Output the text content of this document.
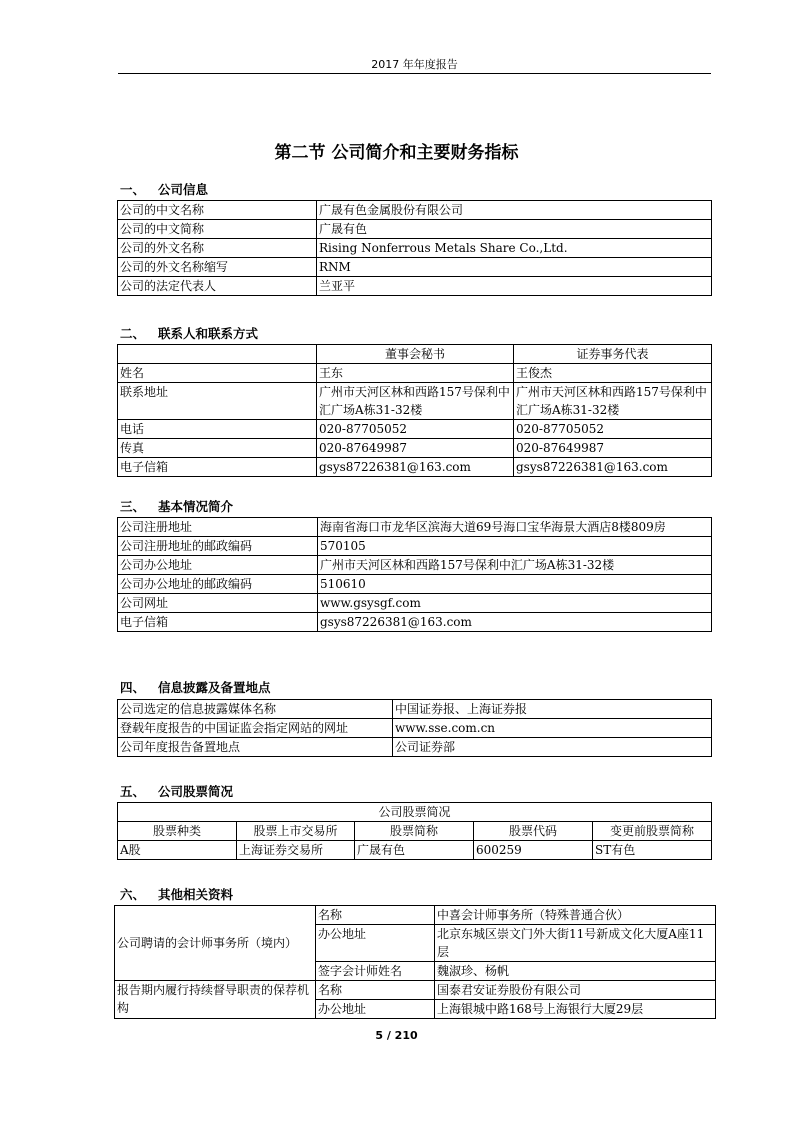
2017 年年度报告
第二节 公司简介和主要财务指标
一、 公司信息
公司的中文名称	广晟有色金属股份有限公司
公司的中文简称	广晟有色
公司的外文名称	Rising Nonferrous Metals Share Co.,Ltd.
公司的外文名称缩写	RNM
公司的法定代表人	兰亚平
二、 联系人和联系方式
	董事会秘书	证券事务代表
姓名	王东	王俊杰
联系地址	广州市天河区林和西路157号保利中汇广场A栋31-32楼	广州市天河区林和西路157号保利中汇广场A栋31-32楼
电话	020-87705052	020-87705052
传真	020-87649987	020-87649987
电子信箱	gsys87226381@163.com	gsys87226381@163.com
三、 基本情况简介
公司注册地址	海南省海口市龙华区滨海大道69号海口宝华海景大酒店8楼809房
公司注册地址的邮政编码	570105
公司办公地址	广州市天河区林和西路157号保利中汇广场A栋31-32楼
公司办公地址的邮政编码	510610
公司网址	www.gsysgf.com
电子信箱	gsys87226381@163.com
四、 信息披露及备置地点
公司选定的信息披露媒体名称	中国证券报、上海证券报
登载年度报告的中国证监会指定网站的网址	www.sse.com.cn
公司年度报告备置地点	公司证券部
五、 公司股票简况
公司股票简况				
股票种类	股票上市交易所	股票简称	股票代码	变更前股票简称
A股	上海证券交易所	广晟有色	600259	ST有色
六、 其他相关资料
公司聘请的会计师事务所（境内）	名称	中喜会计师事务所（特殊普通合伙）
	办公地址	北京东城区崇文门外大街11号新成文化大厦A座11层
	签字会计师姓名	魏淑珍、杨帆
报告期内履行持续督导职责的保荐机构	名称	国泰君安证券股份有限公司
	办公地址	上海银城中路168号上海银行大厦29层
5 / 210
